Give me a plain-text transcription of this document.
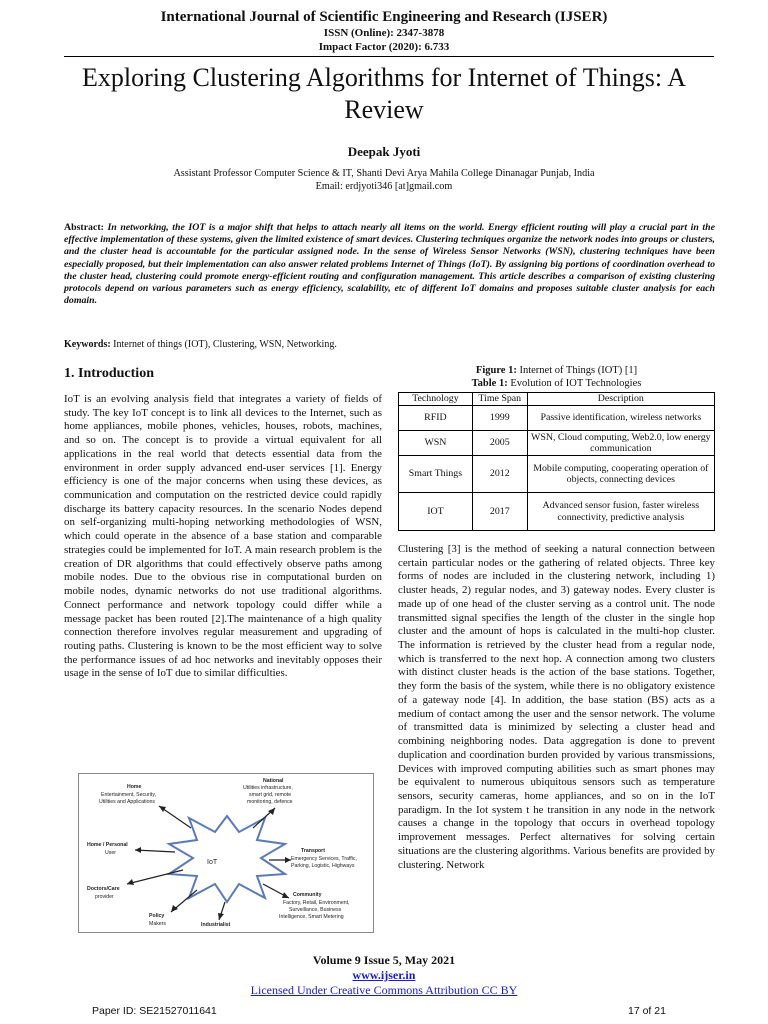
International Journal of Scientific Engineering and Research (IJSER)
ISSN (Online): 2347-3878
Impact Factor (2020): 6.733
Exploring Clustering Algorithms for Internet of Things: A Review
Deepak Jyoti
Assistant Professor Computer Science & IT, Shanti Devi Arya Mahila College Dinanagar Punjab, India
Email: erdjyoti346 [at]gmail.com

Abstract: In networking, the IOT is a major shift that helps to attach nearly all items on the world. Energy efficient routing will play a crucial part in the effective implementation of these systems, given the limited existence of smart devices. Clustering techniques organize the network nodes into groups or clusters, and the cluster head is accountable for the particular assigned node. In the sense of Wireless Sensor Networks (WSN), clustering techniques have been especially proposed, but their implementation can also answer related problems Internet of Things (IoT). By assigning big portions of coordination overhead to the cluster head, clustering could promote energy-efficient routing and configuration management. This article describes a comparison of existing clustering protocols depend on various parameters such as energy efficiency, scalability, etc of different IoT domains and proposes suitable cluster analysis for each domain.

Keywords: Internet of things (IOT), Clustering, WSN, Networking.

1. Introduction

IoT is an evolving analysis field that integrates a variety of fields of study. The key IoT concept is to link all devices to the Internet, such as home appliances, mobile phones, vehicles, houses, robots, machines, and so on. The concept is to provide a virtual equivalent for all applications in the real world that detects essential data from the environment in order supply advanced end-user services [1]. Energy efficiency is one of the major concerns when using these devices, as communication and computation on the restricted device could rapidly discharge its battery capacity resources. In the scenario Nodes depend on self-organizing multi-hoping networking methodologies of WSN, which could operate in the absence of a base station and comparable strategies could be implemented for IoT. A main research problem is the creation of DR algorithms that could effectively observe paths among mobile nodes. Due to the obvious rise in computational burden on mobile nodes, dynamic networks do not use traditional algorithms. Connect performance and network topology could differ while a message packet has been routed [2].The maintenance of a high quality connection therefore involves regular measurement and upgrading of routing paths. Clustering is known to be the most efficient way to solve the performance issues of ad hoc networks and inevitably opposes their usage in the sense of IoT due to similar difficulties.

IoT
Home
Entertainment, Security,
Utilities and Applications
National
Utilities infrastructure,
smart grid, remote
monitoring, defence
Home / Personal
User	Transport
Emergency Services, Traffic,
Parking, Logistic, Highways
Doctors/Care
provider	Community
Factory, Retail, Environment,
Surveillance, Business
Intelligence, Smart Metering
Policy
Makers	Industrialist
Figure 1: Internet of Things (IOT) [1]
Table 1: Evolution of IOT Technologies
Technology	Time Span	Description
RFID	1999	Passive identification, wireless networks
WSN	2005	WSN, Cloud computing, Web2.0, low energy communication
Smart Things	2012	Mobile computing, cooperating operation of objects, connecting devices
IOT	2017	Advanced sensor fusion, faster wireless connectivity, predictive analysis

Clustering [3] is the method of seeking a natural connection between certain particular nodes or the gathering of related objects. Three key forms of nodes are included in the clustering network, including 1) cluster heads, 2) regular nodes, and 3) gateway nodes. Every cluster is made up of one head of the cluster serving as a control unit. The node transmitted signal specifies the length of the cluster in the single hop cluster and the amount of hops is calculated in the multi-hop cluster. The information is retrieved by the cluster head from a regular node, which is transferred to the next hop. A connection among two clusters with distinct cluster heads is the action of the base stations. Together, they form the basis of the system, while there is no obligatory existence of a gateway node [4]. In addition, the base station (BS) acts as a medium of contact among the user and the sensor network. The volume of transmitted data is minimized by selecting a cluster head and combining neighboring nodes. Data aggregation is done to prevent duplication and coordination burden provided by various transmissions, Devices with improved computing abilities such as smart phones may be equivalent to numerous ubiquitous sensors such as temperature sensors, security cameras, home appliances, and so on in the IoT paradigm. In the Iot system t he transition in any node in the network causes a change in the topology that occurs in overhead topology improvement messages. Perfect alternatives for solving certain situations are the clustering algorithms. Various benefits are provided by clustering. Network

Volume 9 Issue 5, May 2021
www.ijser.in
Licensed Under Creative Commons Attribution CC BY
Paper ID: SE21527011641	17 of 21
